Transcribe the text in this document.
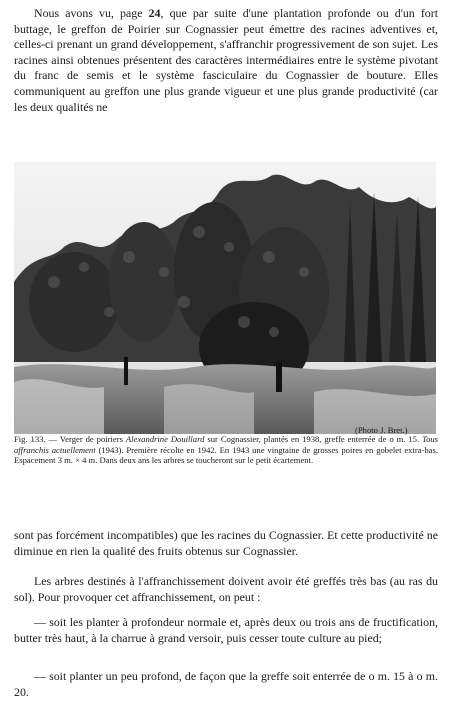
Nous avons vu, page 24, que par suite d'une plantation profonde ou d'un fort buttage, le greffon de Poirier sur Cognassier peut émettre des racines adventives et, celles-ci prenant un grand développement, s'affranchir progressivement de son sujet. Les racines ainsi obtenues présentent des caractères intermédiaires entre le système pivotant du franc de semis et le système fasciculaire du Cognassier de bouture. Elles communiquent au greffon une plus grande vigueur et une plus grande productivité (car les deux qualités ne

(Photo J. Bret.)

Fig. 133. — Verger de poiriers Alexandrine Douillard sur Cognassier, plantés en 1938, greffe enterrée de o m. 15. Tous affranchis actuellement (1943). Première récolte en 1942. En 1943 une vingtaine de grosses poires en gobelet extra-bas. Espacement 3 m. × 4 m. Dans deux ans les arbres se toucheront sur le petit écartement.

sont pas forcément incompatibles) que les racines du Cognassier. Et cette productivité ne diminue en rien la qualité des fruits obtenus sur Cognassier.

Les arbres destinés à l'affranchissement doivent avoir été greffés très bas (au ras du sol). Pour provoquer cet affranchissement, on peut :

— soit les planter à profondeur normale et, après deux ou trois ans de fructification, butter très haut, à la charrue à grand versoir, puis cesser toute culture au pied;

— soit planter un peu profond, de façon que la greffe soit enterrée de o m. 15 à o m. 20.
